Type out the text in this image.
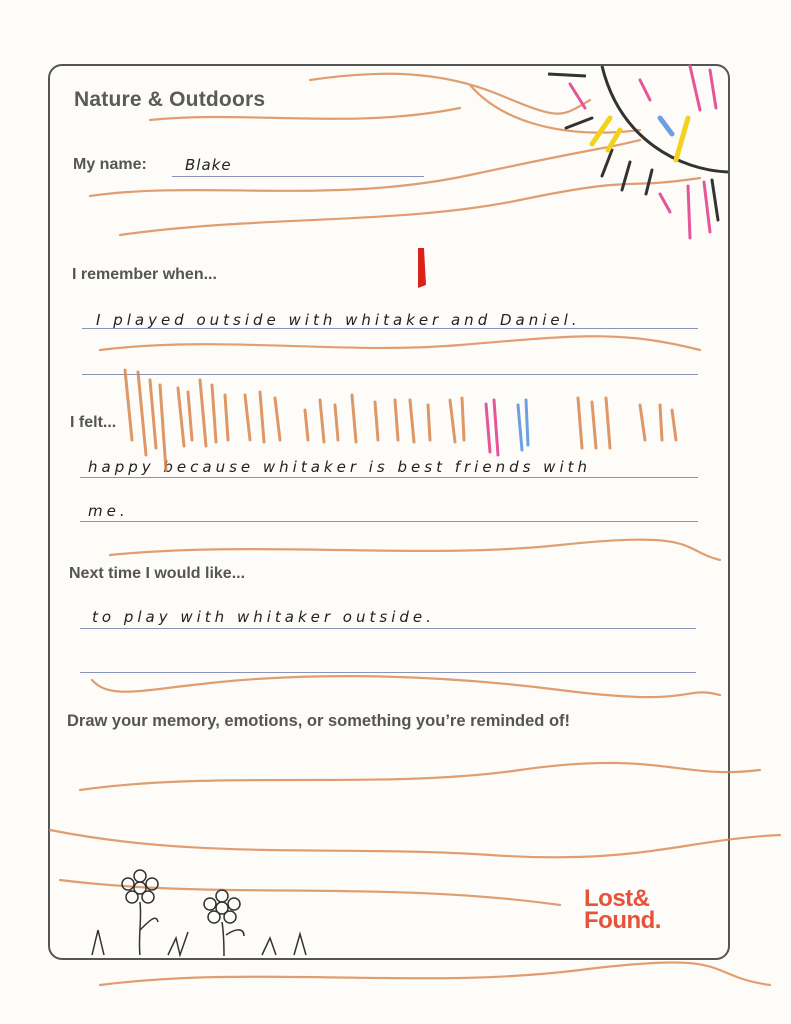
Nature & Outdoors
My name:	Blake
I remember when...
I played outside with whitaker and Daniel.
I felt...
happy because whitaker is best friends with
me.
Next time I would like...
to play with whitaker outside.
Draw your memory, emotions, or something you’re reminded of!
Lost&
Found.
